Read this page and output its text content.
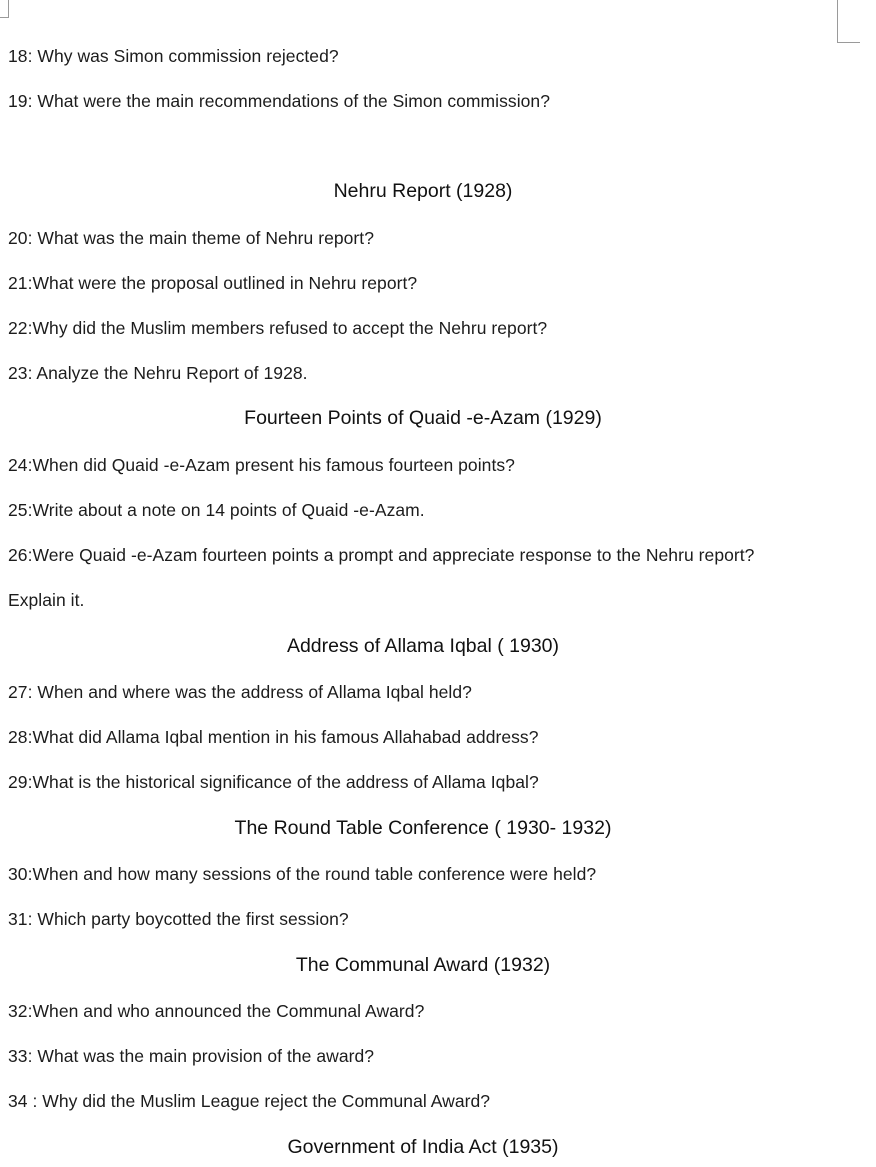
18: Why was Simon commission rejected?
19: What were the main recommendations of the Simon commission?
Nehru Report (1928)
20: What was the main theme of Nehru report?
21:What were the proposal outlined in Nehru report?
22:Why did the Muslim members refused to accept the Nehru report?
23: Analyze the Nehru Report of 1928.
Fourteen Points of Quaid -e-Azam (1929)
24:When did Quaid -e-Azam present his famous fourteen points?
25:Write about a note on 14 points of Quaid -e-Azam.
26:Were Quaid -e-Azam fourteen points a prompt and appreciate response to the Nehru report?
Explain it.
Address of Allama Iqbal ( 1930)
27: When and where was the address of Allama Iqbal held?
28:What did Allama Iqbal mention in his famous Allahabad address?
29:What is the historical significance of the address of Allama Iqbal?
The Round Table Conference ( 1930- 1932)
30:When and how many sessions of the round table conference were held?
31: Which party boycotted the first session?
The Communal Award (1932)
32:When and who announced the Communal Award?
33: What was the main provision of the award?
34 : Why did the Muslim League reject the Communal Award?
Government of India Act (1935)
